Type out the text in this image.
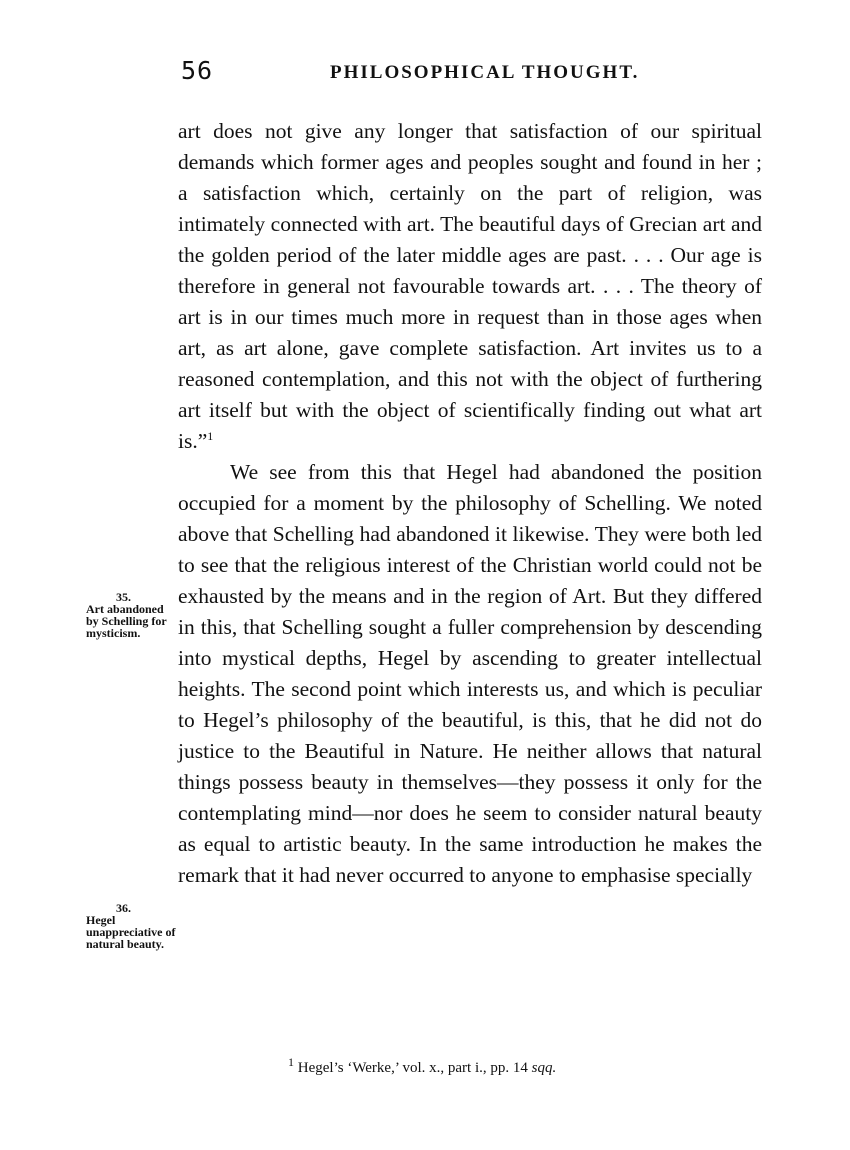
56	PHILOSOPHICAL THOUGHT.

art does not give any longer that satisfaction of our spiritual demands which former ages and peoples sought and found in her ; a satisfaction which, certainly on the part of religion, was intimately connected with art. The beautiful days of Grecian art and the golden period of the later middle ages are past. . . . Our age is therefore in general not favourable towards art. . . . The theory of art is in our times much more in request than in those ages when art, as art alone, gave complete satisfaction. Art invites us to a reasoned contemplation, and this not with the object of furthering art itself but with the object of scientifically finding out what art is.”$^1$

We see from this that Hegel had abandoned the position occupied for a moment by the philosophy of Schelling. We noted above that Schelling had abandoned it likewise. They were both led to see that the religious interest of the Christian world could not be exhausted by the means and in the region of Art. But they differed in this, that Schelling sought a fuller comprehension by descending into mystical depths, Hegel by ascending to greater intellectual heights. The second point which interests us, and which is peculiar to Hegel’s philosophy of the beautiful, is this, that he did not do justice to the Beautiful in Nature. He neither allows that natural things possess beauty in themselves—they possess it only for the contemplating mind—nor does he seem to consider natural beauty as equal to artistic beauty. In the same introduction he makes the remark that it had never occurred to anyone to emphasise specially

35.
Art abandoned by Schelling for mysticism.
36.
Hegel unappreciative of natural beauty.
$^1$ Hegel’s ‘Werke,’ vol. x., part i., pp. 14 sqq.
